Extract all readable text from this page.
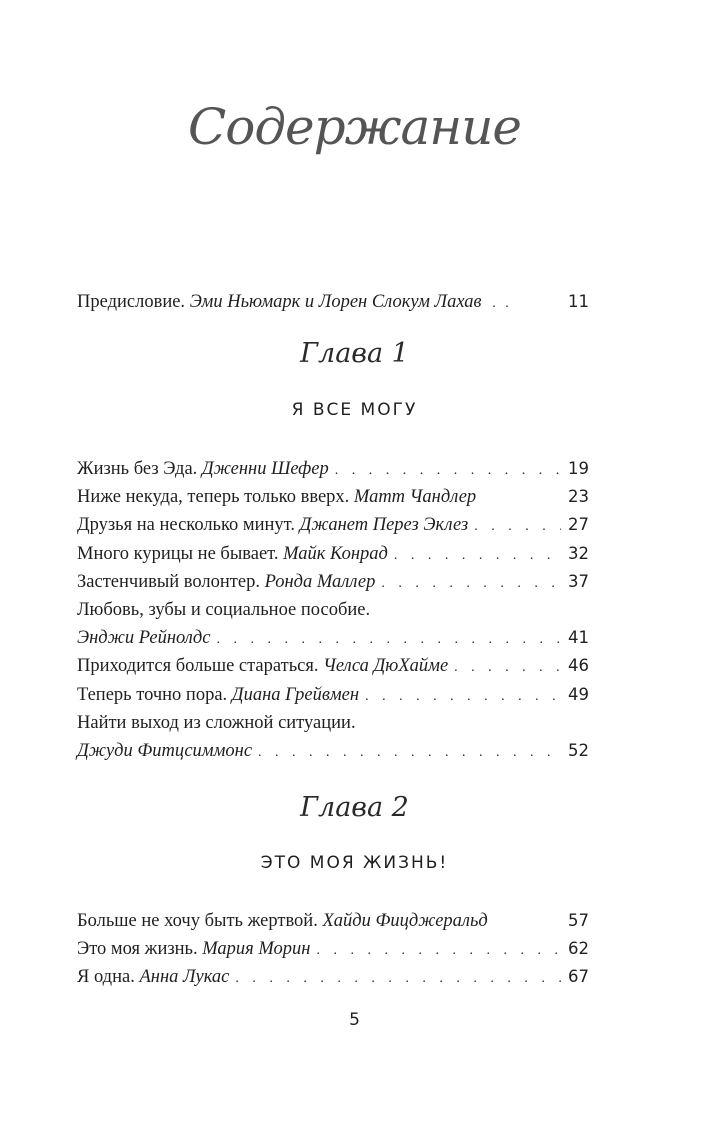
Содержание
Предисловие. Эми Ньюмарк и Лорен Слокум Лахав . .	11
Глава 1
Я ВСЕ МОГУ
Жизнь без Эда. Дженни Шефер . . .	19
Ниже некуда, теперь только вверх. Матт Чандлер	23
Друзья на несколько минут. Джанет Перез Эклез . . .	27
Много курицы не бывает. Майк Конрад . . .	32
Застенчивый волонтер. Ронда Маллер . . .	37
Любовь, зубы и социальное пособие.
Энджи Рейнолдс . . .	41
Приходится больше стараться. Челса ДюХайме . . .	46
Теперь точно пора. Диана Грейвмен . . .	49
Найти выход из сложной ситуации.
Джуди Фитцсиммонс . . .	52
Глава 2
ЭТО МОЯ ЖИЗНЬ!
Больше не хочу быть жертвой. Хайди Фицджеральд	57
Это моя жизнь. Мария Морин . . .	62
Я одна. Анна Лукас . . .	67
5
